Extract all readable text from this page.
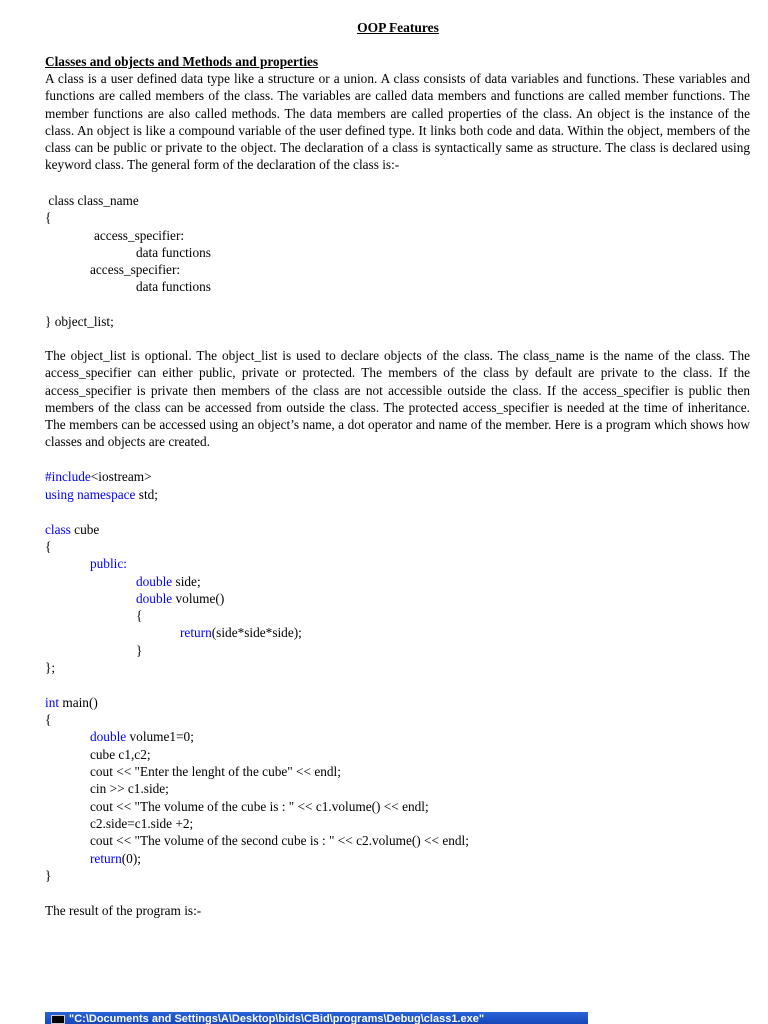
OOP Features
Classes and objects and Methods and properties
A class is a user defined data type like a structure or a union. A class consists of data variables and functions. These variables and functions are called members of the class. The variables are called data members and functions are called member functions. The member functions are also called methods. The data members are called properties of the class. An object is the instance of the class. An object is like a compound variable of the user defined type. It links both code and data. Within the object, members of the class can be public or private to the object. The declaration of a class is syntactically same as structure. The class is declared using keyword class. The general form of the declaration of the class is:-
class class_name
{
access_specifier:
data functions
access_specifier:
data functions
} object_list;
The object_list is optional. The object_list is used to declare objects of the class. The class_name is the name of the class. The access_specifier can either public, private or protected. The members of the class by default are private to the class. If the access_specifier is private then members of the class are not accessible outside the class. If the access_specifier is public then members of the class can be accessed from outside the class. The protected access_specifier is needed at the time of inheritance. The members can be accessed using an object’s name, a dot operator and name of the member. Here is a program which shows how classes and objects are created.
#include<iostream>
using namespace std;
class cube
{
public:
double side;
double volume()
{
return(side*side*side);
}
};
int main()
{
double volume1=0;
cube c1,c2;
cout << "Enter the lenght of the cube" << endl;
cin >> c1.side;
cout << "The volume of the cube is : " << c1.volume() << endl;
c2.side=c1.side +2;
cout << "The volume of the second cube is : " << c2.volume() << endl;
return(0);
}
The result of the program is:-
"C:\Documents and Settings\A\Desktop\bids\CBid\programs\Debug\class1.exe"
